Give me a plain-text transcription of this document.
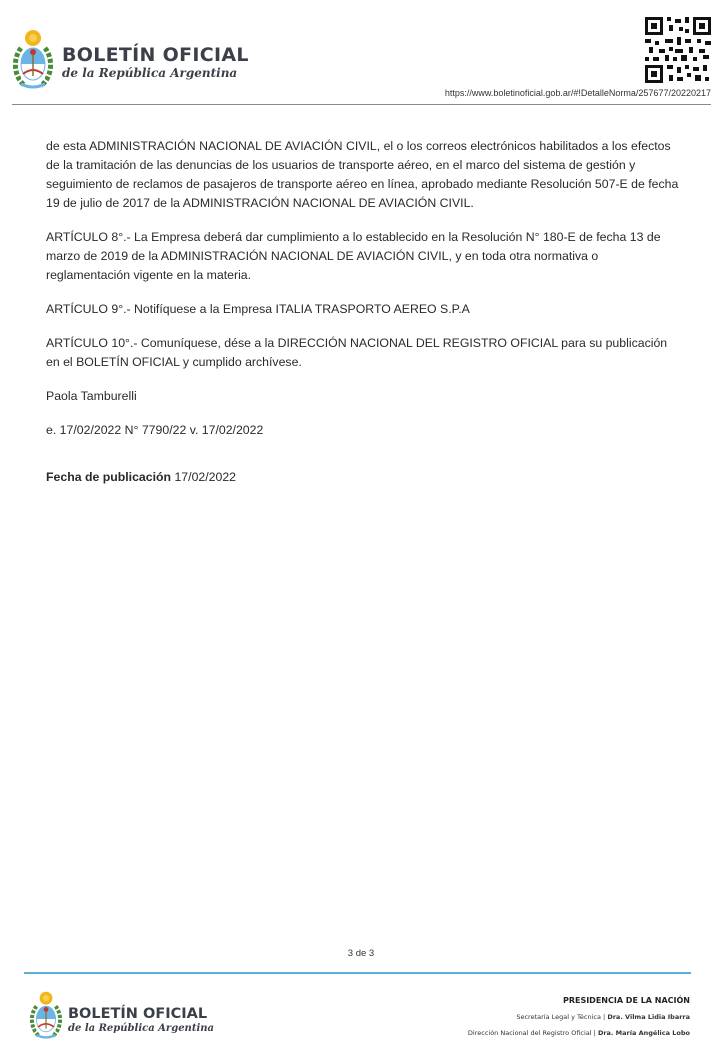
BOLETÍN OFICIAL
de la República Argentina
https://www.boletinoficial.gob.ar/#!DetalleNorma/257677/20220217

de esta ADMINISTRACIÓN NACIONAL DE AVIACIÓN CIVIL, el o los correos electrónicos habilitados a los efectos de la tramitación de las denuncias de los usuarios de transporte aéreo, en el marco del sistema de gestión y seguimiento de reclamos de pasajeros de transporte aéreo en línea, aprobado mediante Resolución 507-E de fecha 19 de julio de 2017 de la ADMINISTRACIÓN NACIONAL DE AVIACIÓN CIVIL.

ARTÍCULO 8°.- La Empresa deberá dar cumplimiento a lo establecido en la Resolución N° 180-E de fecha 13 de marzo de 2019 de la ADMINISTRACIÓN NACIONAL DE AVIACIÓN CIVIL, y en toda otra normativa o reglamentación vigente en la materia.

ARTÍCULO 9°.- Notifíquese a la Empresa ITALIA TRASPORTO AEREO S.P.A

ARTÍCULO 10°.- Comuníquese, dése a la DIRECCIÓN NACIONAL DEL REGISTRO OFICIAL para su publicación en el BOLETÍN OFICIAL y cumplido archívese.

Paola Tamburelli

e. 17/02/2022 N° 7790/22 v. 17/02/2022

Fecha de publicación 17/02/2022

3 de 3
BOLETÍN OFICIAL
de la República Argentina
PRESIDENCIA DE LA NACIÓN
Secretaría Legal y Técnica | Dra. Vilma Lidia Ibarra
Dirección Nacional del Registro Oficial | Dra. María Angélica Lobo
